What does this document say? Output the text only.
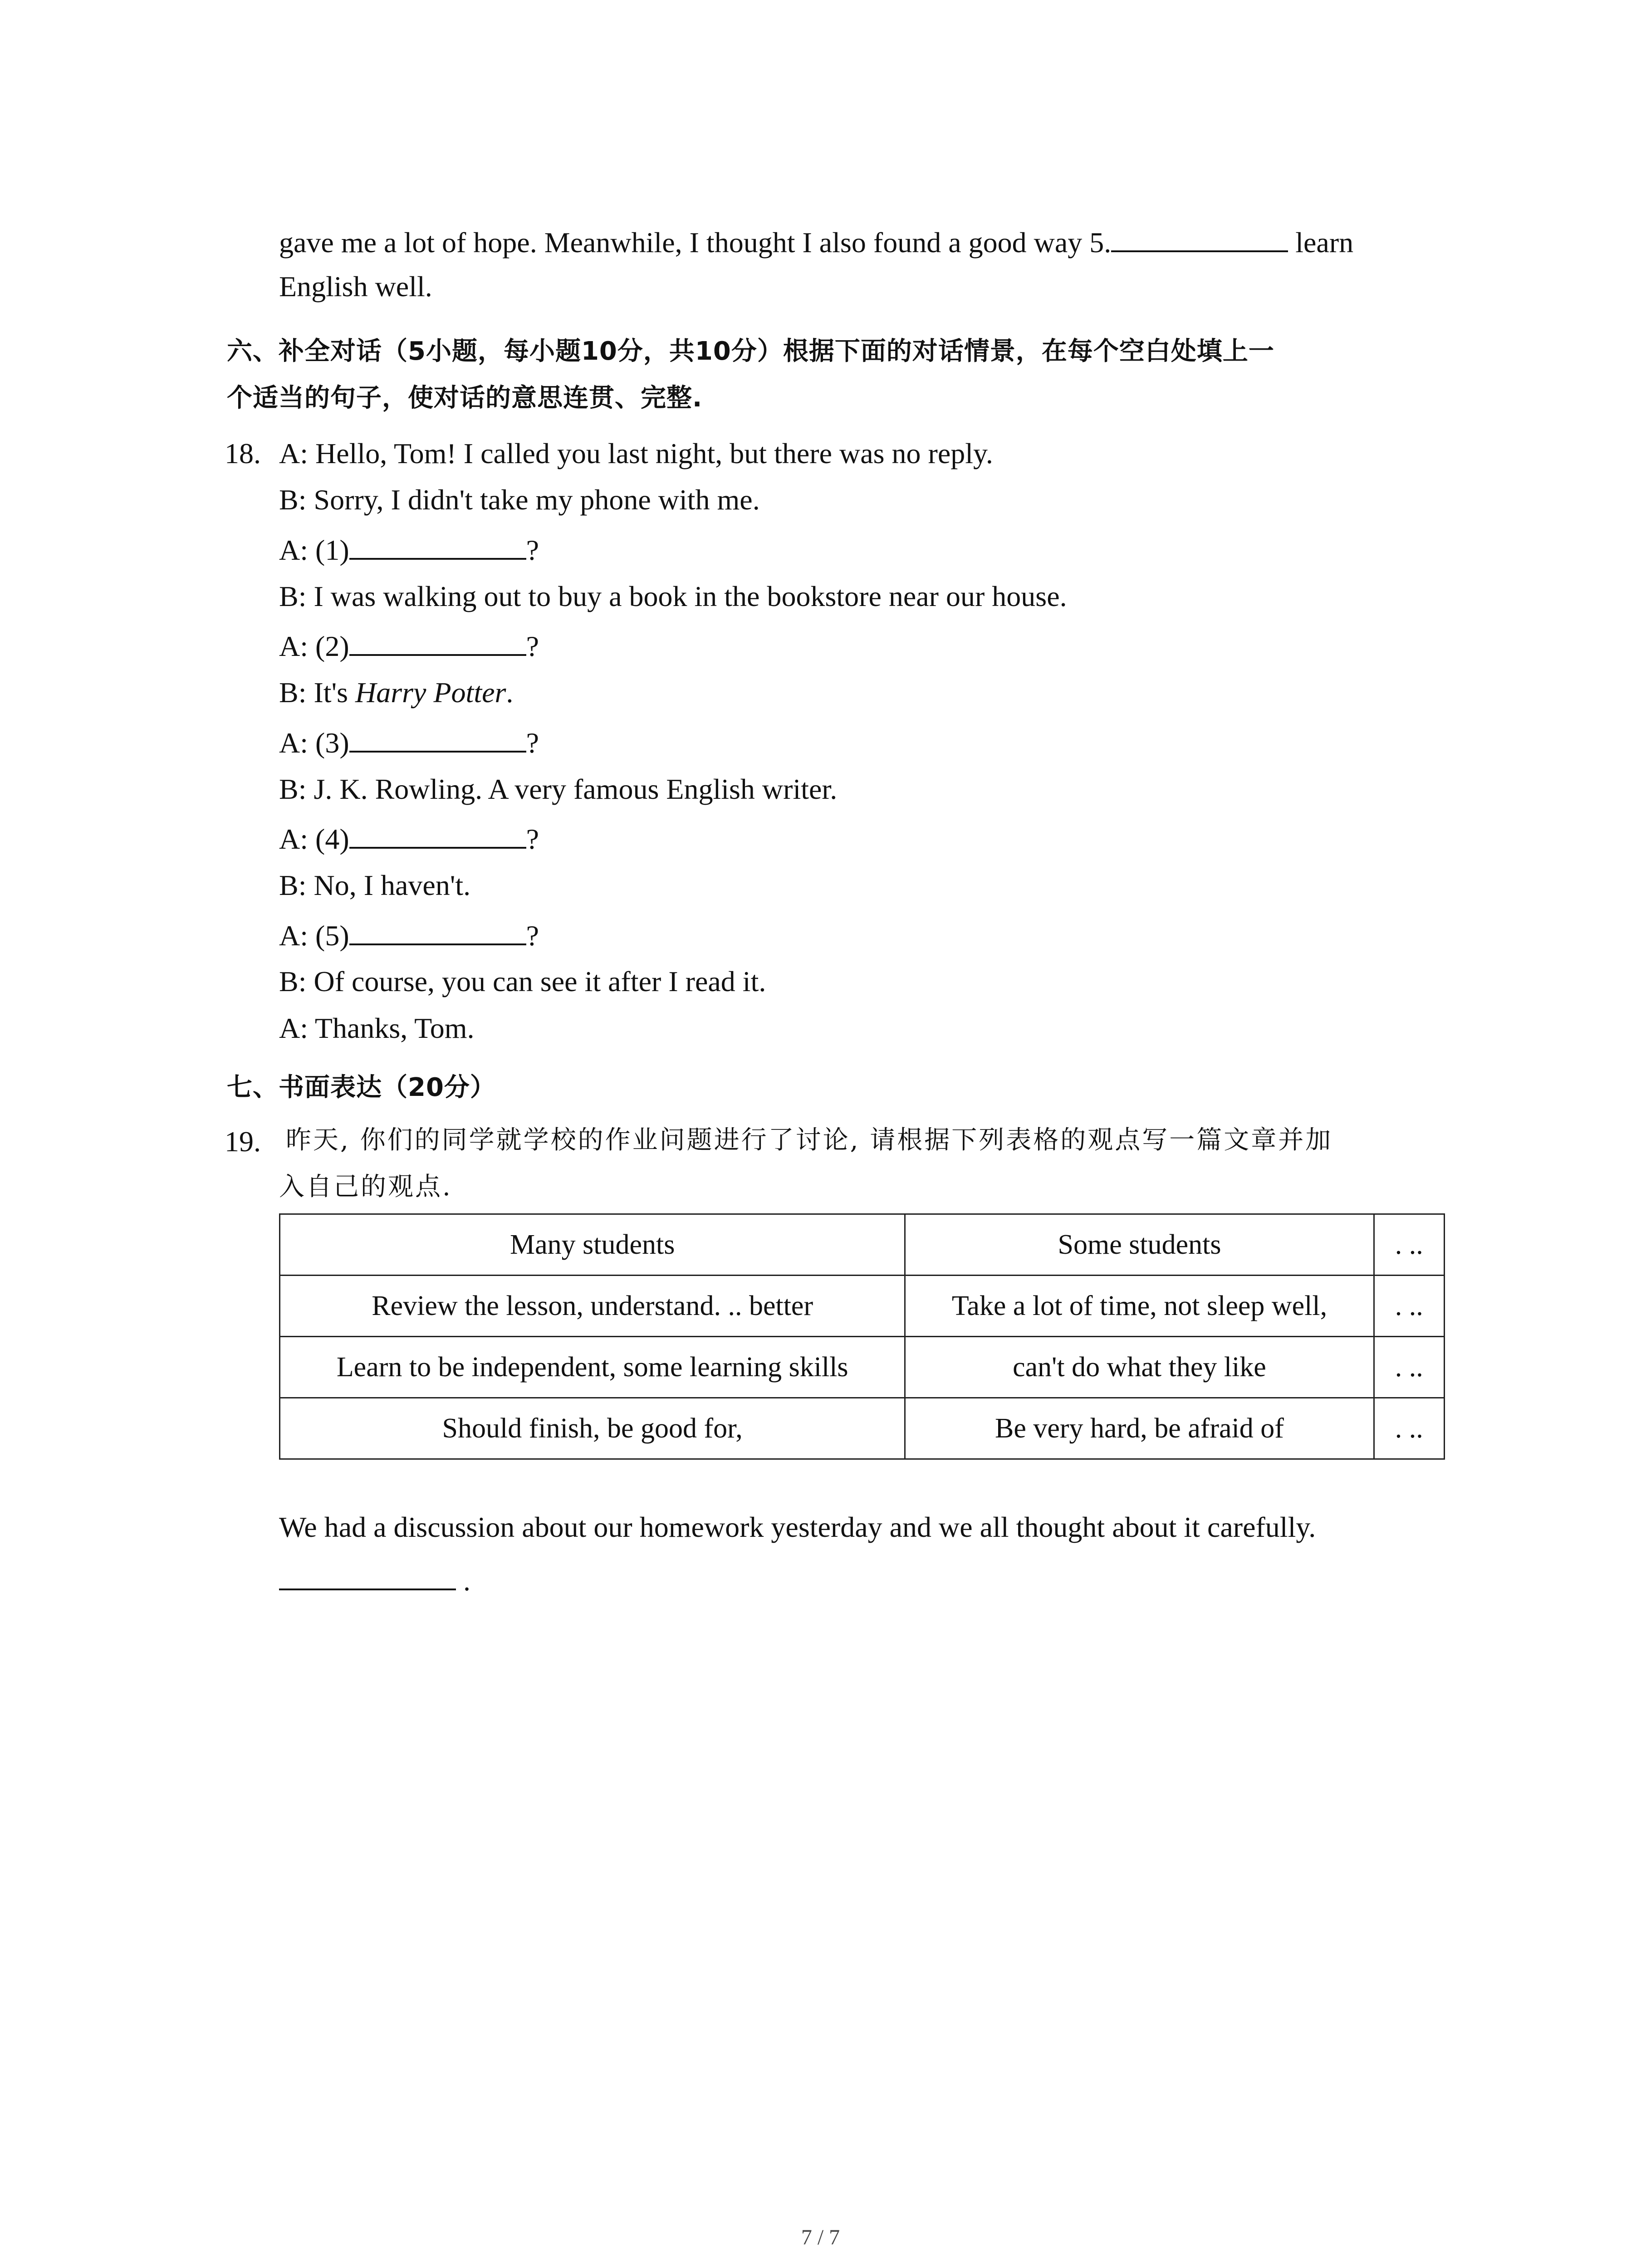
gave me a lot of hope. Meanwhile, I thought I also found a good way 5.	learn
English well.
六、补全对话（5小题，每小题10分，共10分）根据下面的对话情景，在每个空白处填上一
个适当的句子，使对话的意思连贯、完整.
18. A: Hello, Tom! I called you last night, but there was no reply.
B: Sorry, I didn't take my phone with me.
A: (1)	?
B: I was walking out to buy a book in the bookstore near our house.
A: (2)	?
B: It's Harry Potter.
A: (3)	?
B: J. K. Rowling. A very famous English writer.
A: (4)	?
B: No, I haven't.
A: (5)	?
B: Of course, you can see it after I read it.
A: Thanks, Tom.
七、书面表达（20分）
19. 昨天, 你们的同学就学校的作业问题进行了讨论, 请根据下列表格的观点写一篇文章并加
入自己的观点.
Many students	Some students	. ..
Review the lesson, understand. .. better	Take a lot of time, not sleep well,	. ..
Learn to be independent, some learning skills	can't do what they like	. ..
Should finish, be good for,	Be very hard, be afraid of	. ..
We had a discussion about our homework yesterday and we all thought about it carefully.
.
7 / 7
